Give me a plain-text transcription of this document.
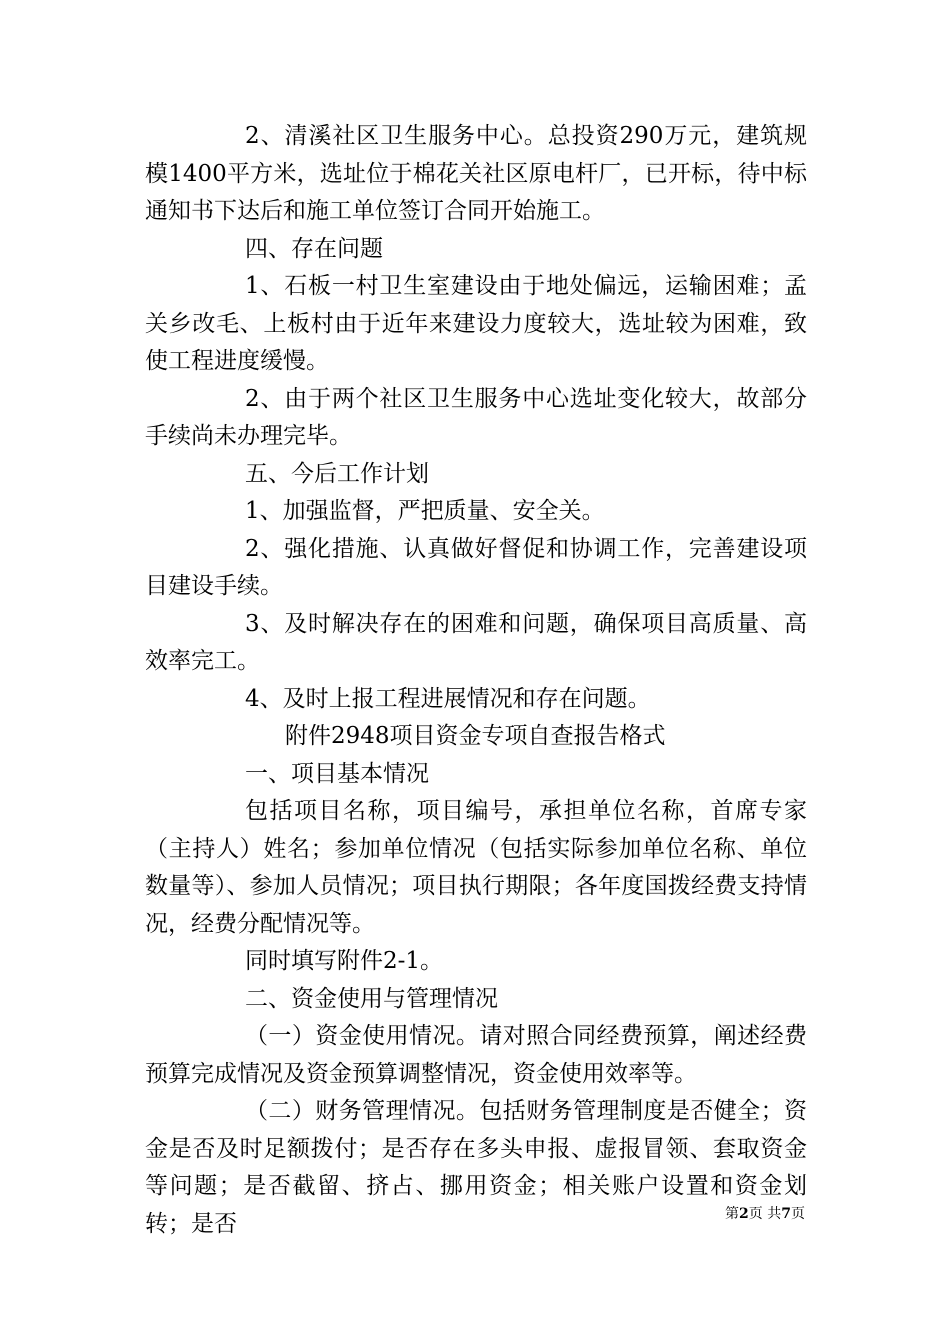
2、清溪社区卫生服务中心。总投资290万元，建筑规模1400平方米，选址位于棉花关社区原电杆厂，已开标，待中标通知书下达后和施工单位签订合同开始施工。

四、存在问题

1、石板一村卫生室建设由于地处偏远，运输困难；孟关乡改毛、上板村由于近年来建设力度较大，选址较为困难，致使工程进度缓慢。

2、由于两个社区卫生服务中心选址变化较大，故部分手续尚未办理完毕。

五、今后工作计划

1、加强监督，严把质量、安全关。

2、强化措施、认真做好督促和协调工作，完善建设项目建设手续。

3、及时解决存在的困难和问题，确保项目高质量、高效率完工。

4、及时上报工程进展情况和存在问题。

附件2948项目资金专项自查报告格式

一、项目基本情况

包括项目名称，项目编号，承担单位名称，首席专家（主持人）姓名；参加单位情况（包括实际参加单位名称、单位数量等）、参加人员情况；项目执行期限；各年度国拨经费支持情况，经费分配情况等。

同时填写附件2-1。

二、资金使用与管理情况

（一）资金使用情况。请对照合同经费预算，阐述经费预算完成情况及资金预算调整情况，资金使用效率等。

（二）财务管理情况。包括财务管理制度是否健全；资金是否及时足额拨付；是否存在多头申报、虚报冒领、套取资金等问题；是否截留、挤占、挪用资金；相关账户设置和资金划转；是否	第2页 共7页
